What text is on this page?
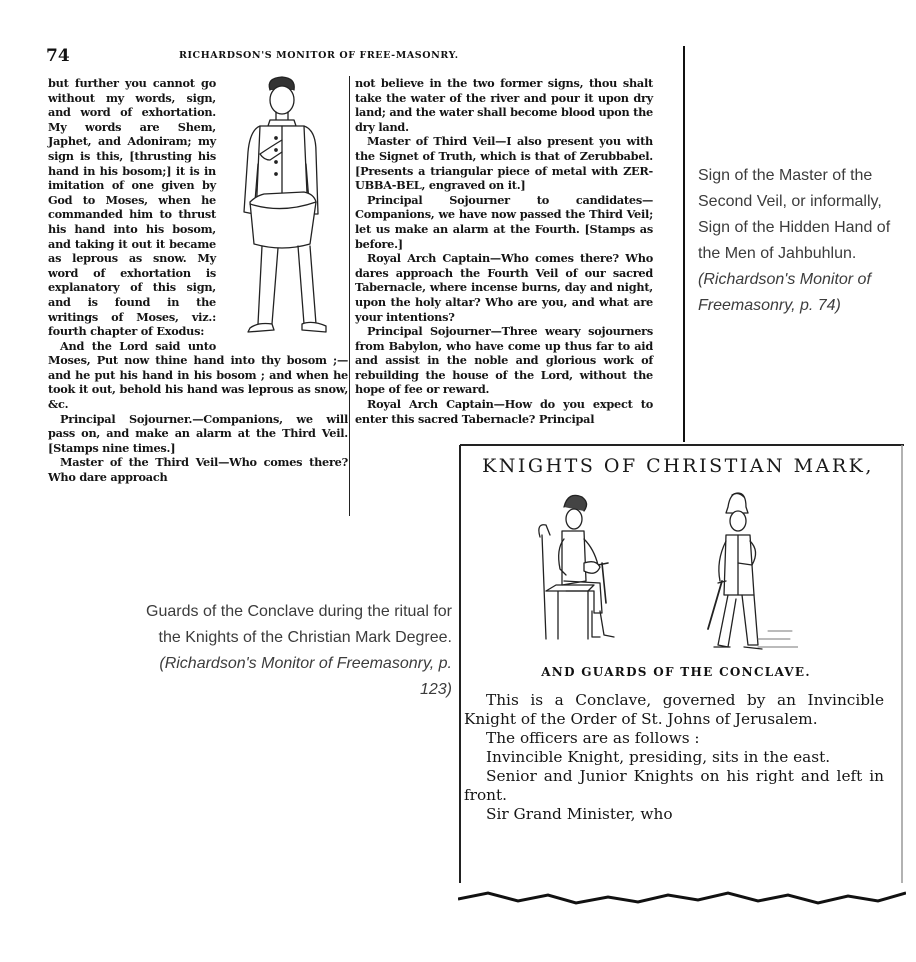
74	RICHARDSON'S MONITOR OF FREE-MASONRY.

but further you cannot go without my words, sign, and word of exhortation. My words are Shem, Japhet, and Adoniram; my sign is this, [thrusting his hand in his bosom;] it is in imitation of one given by God to Moses, when he commanded him to thrust his hand into his bosom, and taking it out it became as leprous as snow. My word of exhortation is explanatory of this sign, and is found in the writings of Moses, viz.: fourth chapter of Exodus:

And the Lord said unto Moses, Put now thine hand into thy bosom ;—and he put his hand in his bosom ; and when he took it out, behold his hand was leprous as snow, &c.

Principal Sojourner.—Companions, we will pass on, and make an alarm at the Third Veil. [Stamps nine times.]

Master of the Third Veil—Who comes there? Who dare approach

not believe in the two former signs, thou shalt take the water of the river and pour it upon dry land; and the water shall become blood upon the dry land.

Master of Third Veil—I also present you with the Signet of Truth, which is that of Zerubbabel. [Presents a triangular piece of metal with ZER-UBBA-BEL, engraved on it.]

Principal Sojourner to candidates—Companions, we have now passed the Third Veil; let us make an alarm at the Fourth. [Stamps as before.]

Royal Arch Captain—Who comes there? Who dares approach the Fourth Veil of our sacred Tabernacle, where incense burns, day and night, upon the holy altar? Who are you, and what are your intentions?

Principal Sojourner—Three weary sojourners from Babylon, who have come up thus far to aid and assist in the noble and glorious work of rebuilding the house of the Lord, without the hope of fee or reward.

Royal Arch Captain—How do you expect to enter this sacred Tabernacle? Principal

Sign of the Master of the Second Veil, or informally, Sign of the Hidden Hand of the Men of Jahbuhlun. (Richardson's Monitor of Freemasonry, p. 74)
Guards of the Conclave during the ritual for the Knights of the Christian Mark Degree. (Richardson's Monitor of Freemasonry, p. 123)
KNIGHTS OF CHRISTIAN MARK,
AND GUARDS OF THE CONCLAVE.

This is a Conclave, governed by an Invincible Knight of the Order of St. Johns of Jerusalem.

The officers are as follows :

Invincible Knight, presiding, sits in the east.

Senior and Junior Knights on his right and left in front.

Sir Grand Minister, who
